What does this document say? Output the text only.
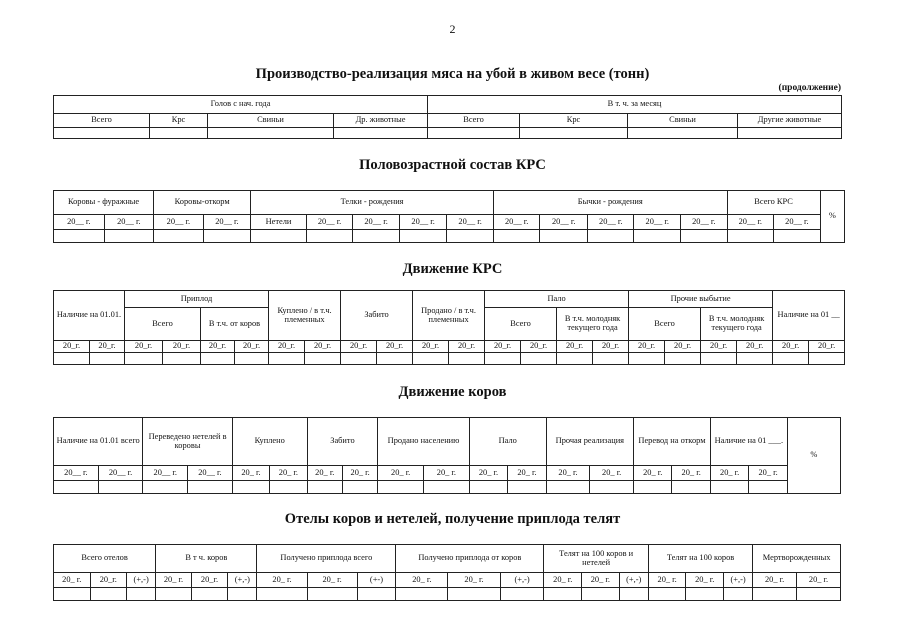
2
Производство-реализация мяса на убой в живом весе (тонн)
(продолжение)
Голов с нач. года				В т. ч. за месяц			
Всего	Крс	Свиньи	Др. животные	Всего	Крс	Свиньи	Другие животные

Половозрастной состав КРС
Коровы - фуражные		Коровы-откорм		Телки - рождения					Бычки - рождения					Всего КРС		%
20__ г.	20__ г.	20__ г.	20__ г.	Нетели	20__ г.	20__ г.	20__ г.	20__ г.	20__ г.	20__ г.	20__ г.	20__ г.	20__ г.	20__ г.	20__ г.	

Движение КРС
Наличие на 01.01.		Приплод				Куплено / в т.ч. племенных		Забито		Продано / в т.ч. племенных		Пало				Прочие выбытие				Наличие на 01 __	
		Всего		В т.ч. от коров								Всего		В т.ч. молодняк текущего года		Всего		В т.ч. молодняк текущего года			
20_г.	20_г.	20_г.	20_г.	20_г.	20_г.	20_г.	20_г.	20_г.	20_г.	20_г.	20_г.	20_г.	20_г.	20_г.	20_г.	20_г.	20_г.	20_г.	20_г.	20_г.	20_г.

Движение коров
Наличие на 01.01 всего		Переведено нетелей в коровы		Куплено		Забито		Продано населению		Пало		Прочая реализация		Перевод на откорм		Наличие на 01 ___.		%
20__ г.	20__ г.	20__ г.	20__ г.	20_ г.	20_ г.	20_ г.	20_ г.	20_ г.	20_ г.	20_ г.	20_ г.	20_ г.	20_ г.	20_ г.	20_ г.	20_ г.	20_ г.	

Отелы коров и нетелей, получение приплода телят
Всего отелов			В т ч. коров			Получено приплода всего			Получено приплода от коров			Телят на 100 коров и нетелей			Телят на 100 коров			Мертворожденных	
20_ г.	20_г.	(+,-)	20_ г.	20_г.	(+,-)	20_ г.	20_ г.	(+-)	20_ г.	20_ г.	(+,-)	20_ г.	20_ г.	(+,-)	20_ г.	20_ г.	(+,-)	20_ г.	20_ г.
